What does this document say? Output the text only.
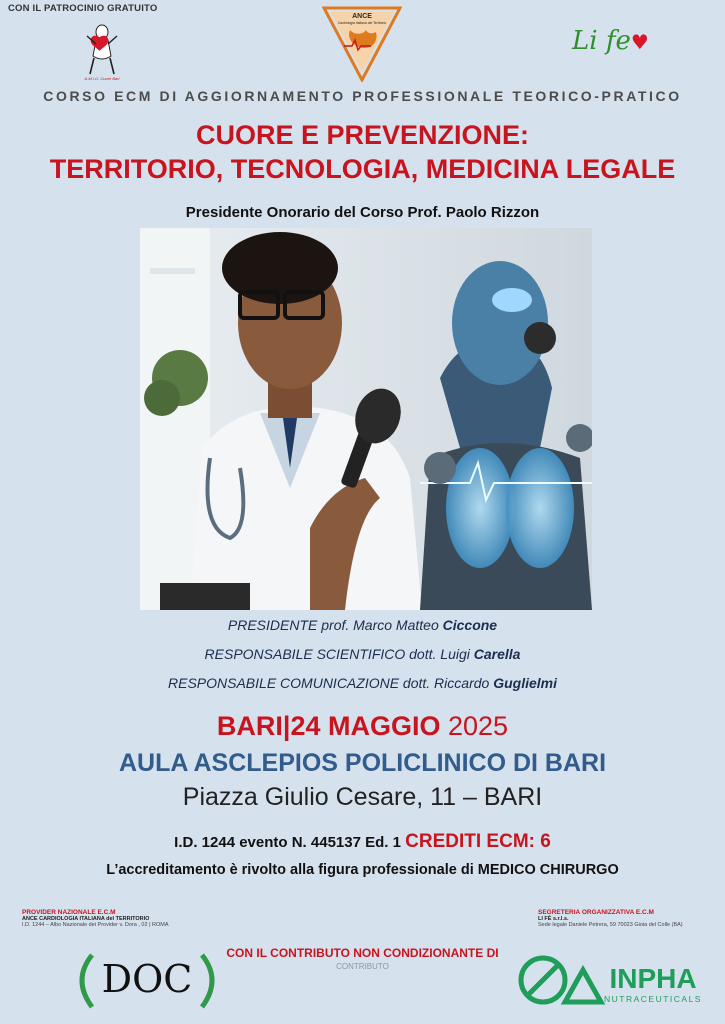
CON IL PATROCINIO GRATUITO
A.M.I.O. Cuore Bari
ANCE
Cardiologia Italiana del Territorio
Li fe♥
CORSO ECM DI AGGIORNAMENTO PROFESSIONALE TEORICO-PRATICO
CUORE E PREVENZIONE:
TERRITORIO, TECNOLOGIA, MEDICINA LEGALE
Presidente Onorario del Corso Prof. Paolo Rizzon
PRESIDENTE prof. Marco Matteo Ciccone
RESPONSABILE SCIENTIFICO dott. Luigi Carella
RESPONSABILE COMUNICAZIONE dott. Riccardo Guglielmi
BARI|24 MAGGIO 2025
AULA ASCLEPIOS POLICLINICO DI BARI
Piazza Giulio Cesare, 11 – BARI
I.D. 1244 evento N. 445137 Ed. 1 CREDITI ECM: 6
L’accreditamento è rivolto alla figura professionale di MEDICO CHIRURGO
PROVIDER NAZIONALE E.C.M
ANCE CARDIOLOGIA ITALIANA del TERRITORIO
I.D. 1244 – Albo Nazionale dei Provider v. Dora , 02 | ROMA
SEGRETERIA ORGANIZZATIVA E.C.M
LI FÈ s.r.l.s.
Sede legale Daniele Petrera, 59 70023 Gioia del Colle (BA)
CON IL CONTRIBUTO NON CONDIZIONANTE DI
CONTRIBUTO
DOC	INPHA
NUTRACEUTICALS
